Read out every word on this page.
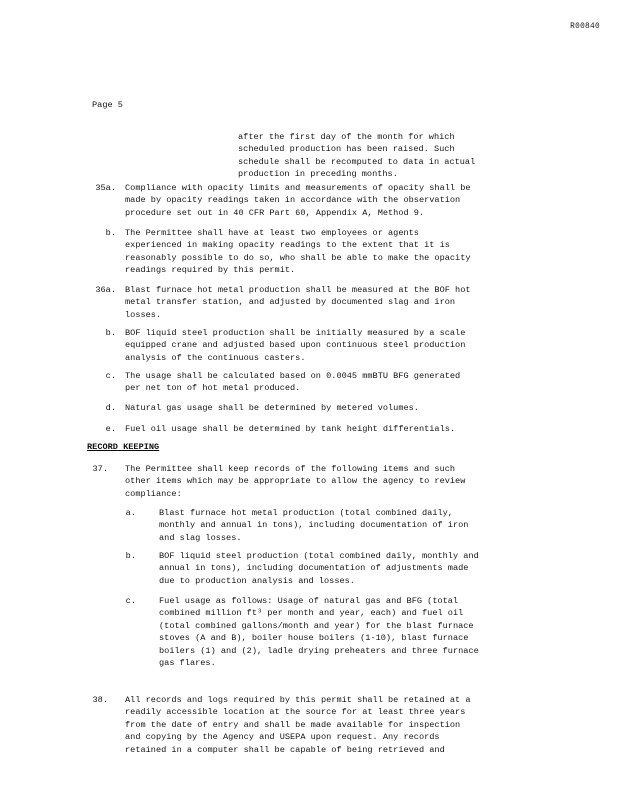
R00840
Page 5

after the first day of the month for which
scheduled production has been raised. Such
schedule shall be recomputed to data in actual
production in preceding months.

35a. Compliance with opacity limits and measurements of opacity shall be
made by opacity readings taken in accordance with the observation
procedure set out in 40 CFR Part 60, Appendix A, Method 9.

b. The Permittee shall have at least two employees or agents
experienced in making opacity readings to the extent that it is
reasonably possible to do so, who shall be able to make the opacity
readings required by this permit.

36a. Blast furnace hot metal production shall be measured at the BOF hot
metal transfer station, and adjusted by documented slag and iron
losses.

b. BOF liquid steel production shall be initially measured by a scale
equipped crane and adjusted based upon continuous steel production
analysis of the continuous casters.

c. The usage shall be calculated based on 0.0045 mmBTU BFG generated
per net ton of hot metal produced.

d. Natural gas usage shall be determined by metered volumes.

e. Fuel oil usage shall be determined by tank height differentials.

RECORD KEEPING

37. The Permittee shall keep records of the following items and such
other items which may be appropriate to allow the agency to review
compliance:

a.	Blast furnace hot metal production (total combined daily,
monthly and annual in tons), including documentation of iron
and slag losses.

b.	BOF liquid steel production (total combined daily, monthly and
annual in tons), including documentation of adjustments made
due to production analysis and losses.

c.	Fuel usage as follows: Usage of natural gas and BFG (total
combined million ft³ per month and year, each) and fuel oil
(total combined gallons/month and year) for the blast furnace
stoves (A and B), boiler house boilers (1-10), blast furnace
boilers (1) and (2), ladle drying preheaters and three furnace
gas flares.

38. All records and logs required by this permit shall be retained at a
readily accessible location at the source for at least three years
from the date of entry and shall be made available for inspection
and copying by the Agency and USEPA upon request. Any records
retained in a computer shall be capable of being retrieved and
